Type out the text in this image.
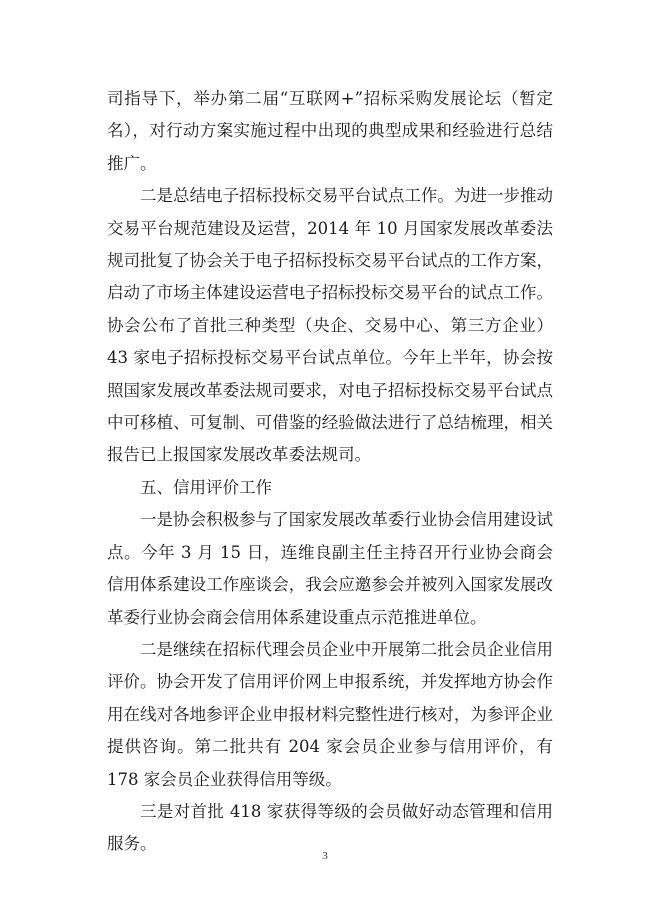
司指导下，举办第二届“互联网+”招标采购发展论坛（暂定名），对行动方案实施过程中出现的典型成果和经验进行总结推广。

二是总结电子招标投标交易平台试点工作。为进一步推动交易平台规范建设及运营，2014 年 10 月国家发展改革委法规司批复了协会关于电子招标投标交易平台试点的工作方案，启动了市场主体建设运营电子招标投标交易平台的试点工作。协会公布了首批三种类型（央企、交易中心、第三方企业）43 家电子招标投标交易平台试点单位。今年上半年，协会按照国家发展改革委法规司要求，对电子招标投标交易平台试点中可移植、可复制、可借鉴的经验做法进行了总结梳理，相关报告已上报国家发展改革委法规司。

五、信用评价工作

一是协会积极参与了国家发展改革委行业协会信用建设试点。今年 3 月 15 日，连维良副主任主持召开行业协会商会信用体系建设工作座谈会，我会应邀参会并被列入国家发展改革委行业协会商会信用体系建设重点示范推进单位。

二是继续在招标代理会员企业中开展第二批会员企业信用评价。协会开发了信用评价网上申报系统，并发挥地方协会作用在线对各地参评企业申报材料完整性进行核对，为参评企业提供咨询。第二批共有 204 家会员企业参与信用评价，有 178 家会员企业获得信用等级。

三是对首批 418 家获得等级的会员做好动态管理和信用服务。

3
